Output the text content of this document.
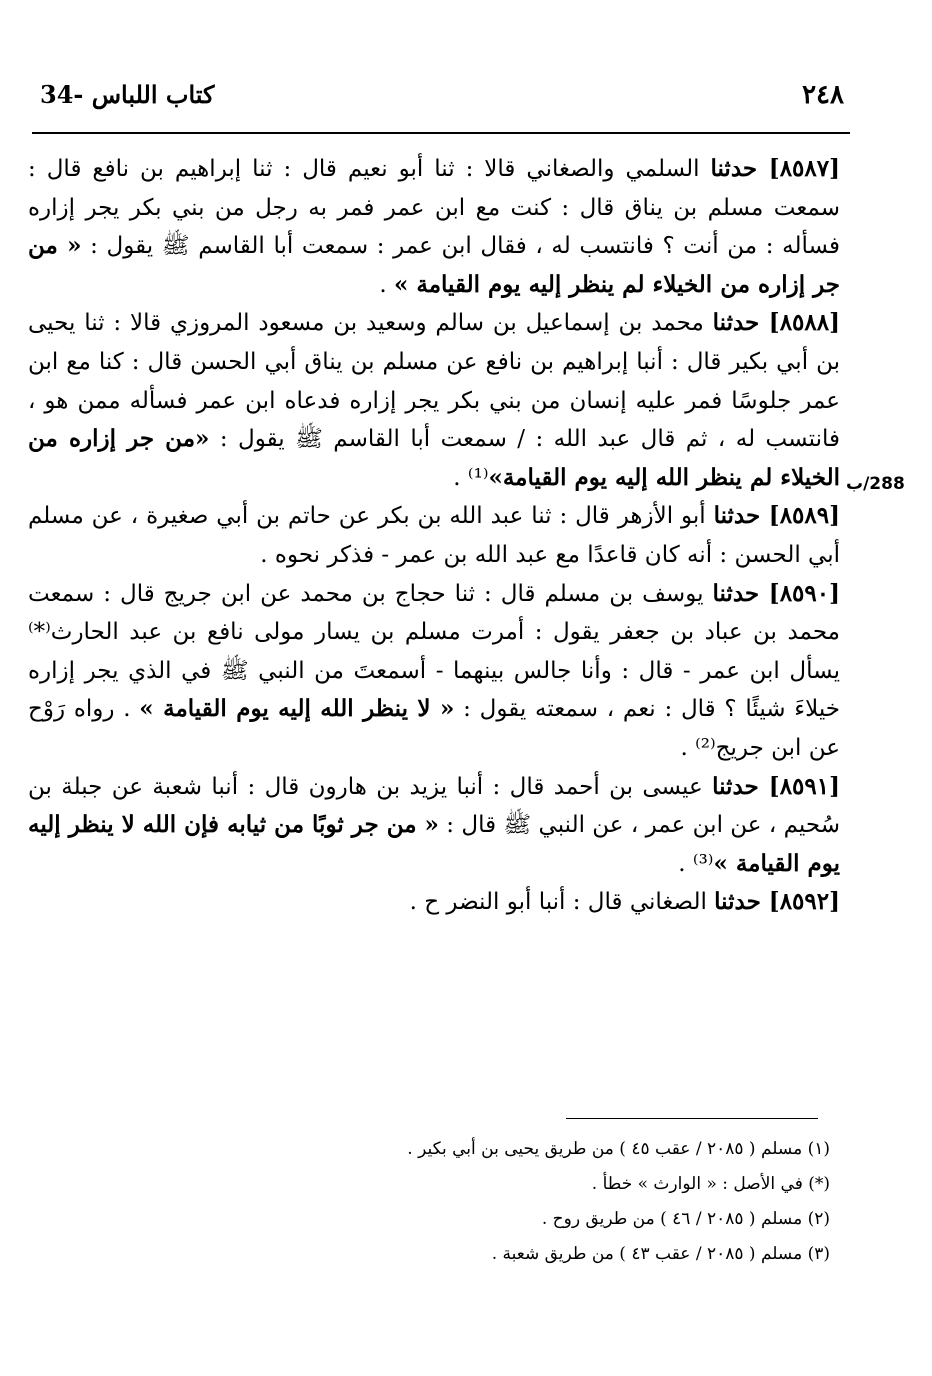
٢٤٨
34- كتاب اللباس
288/ب

[٨٥٨٧] حدثنا السلمي والصغاني قالا : ثنا أبو نعيم قال : ثنا إبراهيم بن نافع قال : سمعت مسلم بن يناق قال : كنت مع ابن عمر فمر به رجل من بني بكر يجر إزاره فسأله : من أنت ؟ فانتسب له ، فقال ابن عمر : سمعت أبا القاسم ﷺ يقول : « من جر إزاره من الخيلاء لم ينظر إليه يوم القيامة » .

[٨٥٨٨] حدثنا محمد بن إسماعيل بن سالم وسعيد بن مسعود المروزي قالا : ثنا يحيى بن أبي بكير قال : أنبا إبراهيم بن نافع عن مسلم بن يناق أبي الحسن قال : كنا مع ابن عمر جلوسًا فمر عليه إنسان من بني بكر يجر إزاره فدعاه ابن عمر فسأله ممن هو ، فانتسب له ، ثم قال عبد الله : / سمعت أبا القاسم ﷺ يقول : «من جر إزاره من الخيلاء لم ينظر الله إليه يوم القيامة»⁽¹⁾ .

[٨٥٨٩] حدثنا أبو الأزهر قال : ثنا عبد الله بن بكر عن حاتم بن أبي صغيرة ، عن مسلم أبي الحسن : أنه كان قاعدًا مع عبد الله بن عمر - فذكر نحوه .

[٨٥٩٠] حدثنا يوسف بن مسلم قال : ثنا حجاج بن محمد عن ابن جريج قال : سمعت محمد بن عباد بن جعفر يقول : أمرت مسلم بن يسار مولى نافع بن عبد الحارث⁽*⁾ يسأل ابن عمر - قال : وأنا جالس بينهما - أسمعتَ من النبي ﷺ في الذي يجر إزاره خيلاءَ شيئًا ؟ قال : نعم ، سمعته يقول : « لا ينظر الله إليه يوم القيامة » . رواه رَوْح عن ابن جريج⁽²⁾ .

[٨٥٩١] حدثنا عيسى بن أحمد قال : أنبا يزيد بن هارون قال : أنبا شعبة عن جبلة بن سُحيم ، عن ابن عمر ، عن النبي ﷺ قال : « من جر ثوبًا من ثيابه فإن الله لا ينظر إليه يوم القيامة »⁽³⁾ .

[٨٥٩٢] حدثنا الصغاني قال : أنبا أبو النضر ح .

(١) مسلم ( ٢٠٨٥ / عقب ٤٥ ) من طريق يحيى بن أبي بكير .
(*) في الأصل : « الوارث » خطأ .
(٢) مسلم ( ٢٠٨٥ / ٤٦ ) من طريق روح .
(٣) مسلم ( ٢٠٨٥ / عقب ٤٣ ) من طريق شعبة .
